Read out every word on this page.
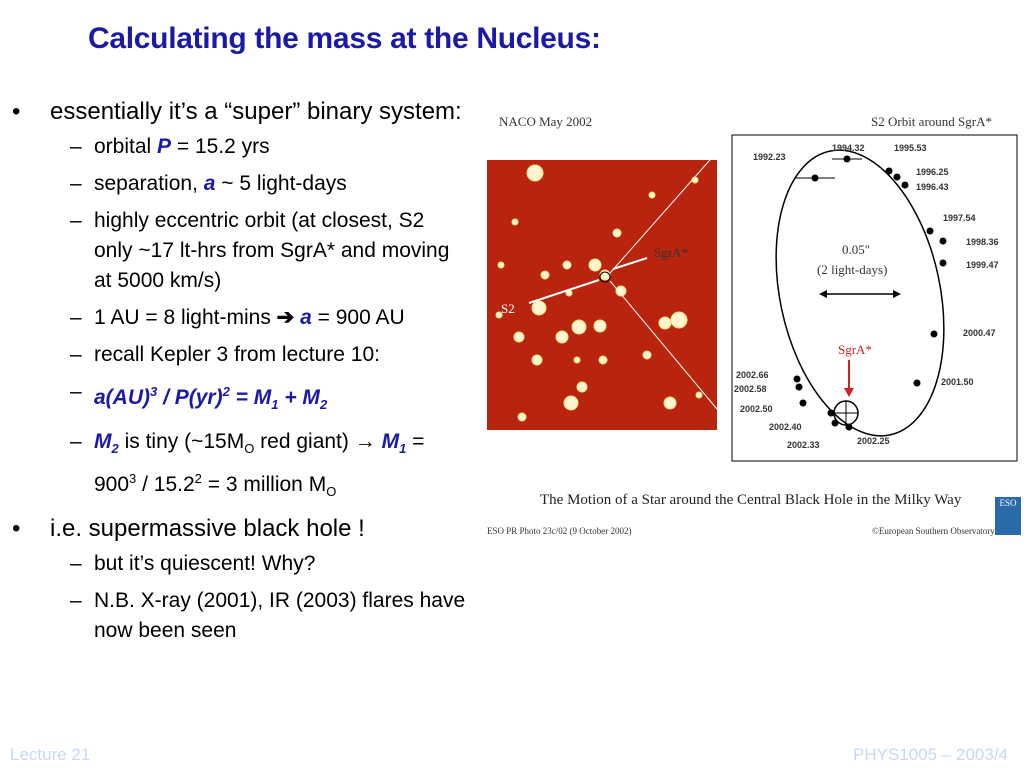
Calculating the mass at the Nucleus:
• essentially it’s a “super” binary system:
– orbital P = 15.2 yrs
– separation, a ~ 5 light-days
– highly eccentric orbit (at closest, S2 only ~17 lt-hrs from SgrA* and moving at 5000 km/s)
– 1 AU = 8 light-mins ➔ a = 900 AU
– recall Kepler 3 from lecture 10:
– $a(AU)^3 / P(yr)^2 = M_1 + M_2$
– $M_2$ is tiny ($\sim 15M_O$ red giant) → $M_1 = 900^3 / 15.2^2 = 3$ million $M_O$
• i.e. supermassive black hole !
– but it’s quiescent! Why?
– N.B. X-ray (2001), IR (2003) flares have now been seen
NACO May 2002	S2 Orbit around SgrA*
SgrA*
S2
0.05"
(2 light-days)
SgrA*
1992.23
1994.32	1995.53
1996.25
1996.43
1997.54
1998.36
1999.47
2000.47
2001.50
2002.25
2002.33
2002.40
2002.50
2002.58
2002.66
The Motion of a Star around the Central Black Hole in the Milky Way
ESO PR Photo 23c/02 (9 October 2002)	©European Southern Observatory
ESO
Lecture 21	PHYS1005 – 2003/4
